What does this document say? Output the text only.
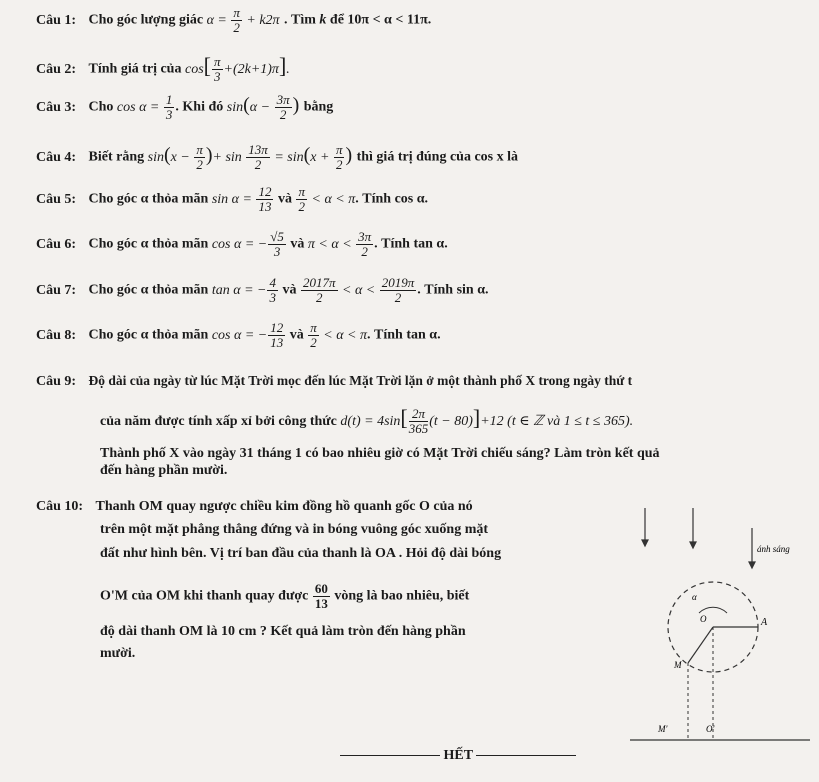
Câu 1: Cho góc lượng giác $\alpha = \frac{\pi}{2} + k2\pi$ . Tìm k để 10π < α < 11π.
Câu 2: Tính giá trị của $\cos[ \frac{\pi}{3} +(2k+1)\pi]$.
Câu 3: Cho $\cos \alpha = \frac{1}{3}$ . Khi đó $\sin(\alpha - \frac{3\pi}{2}$ ) bằng
Câu 4: Biết rằng $\sin(x - \frac{\pi}{2}$ )+ $\sin \frac{13\pi}{2} = \sin(x + \frac{\pi}{2}$ ) thì giá trị đúng của cos x là
Câu 5: Cho góc α thỏa mãn $\sin \alpha = \frac{12}{13}$ và $\frac{\pi}{2} < \alpha < \pi$. Tính cos α.
Câu 6: Cho góc α thỏa mãn cos α = − $\frac{√5}{3}$ và $\pi < \alpha < \frac{3\pi}{2}$ . Tính tan α.
Câu 7: Cho góc α thỏa mãn tan α = − $\frac{4}{3}$ và $\frac{2017\pi}{2} < \alpha < \frac{2019\pi}{2}$ . Tính sin α.
Câu 8: Cho góc α thỏa mãn cos α = − $\frac{12}{13}$ và $\frac{\pi}{2} < \alpha < \pi$. Tính tan α.
Câu 9: Độ dài của ngày từ lúc Mặt Trời mọc đến lúc Mặt Trời lặn ở một thành phố X trong ngày thứ t
của năm được tính xấp xỉ bởi công thức $d(t) = 4\sin[ \frac{2\pi}{365} (t - 80)]+12$ (t ∈ ℤ và 1 ≤ t ≤ 365).
Thành phố X vào ngày 31 tháng 1 có bao nhiêu giờ có Mặt Trời chiếu sáng? Làm tròn kết quả
đến hàng phần mười.
Câu 10: Thanh OM quay ngược chiều kim đồng hồ quanh gốc O của nó
trên một mặt phẳng thẳng đứng và in bóng vuông góc xuống mặt
đất như hình bên. Vị trí ban đầu của thanh là OA . Hỏi độ dài bóng
O'M của OM khi thanh quay được $\frac{60}{13}$ vòng là bao nhiêu, biết
độ dài thanh OM là 10 cm ? Kết quả làm tròn đến hàng phần
mười.
ánh sáng
α
O	A
M
M'	O'
HẾT
